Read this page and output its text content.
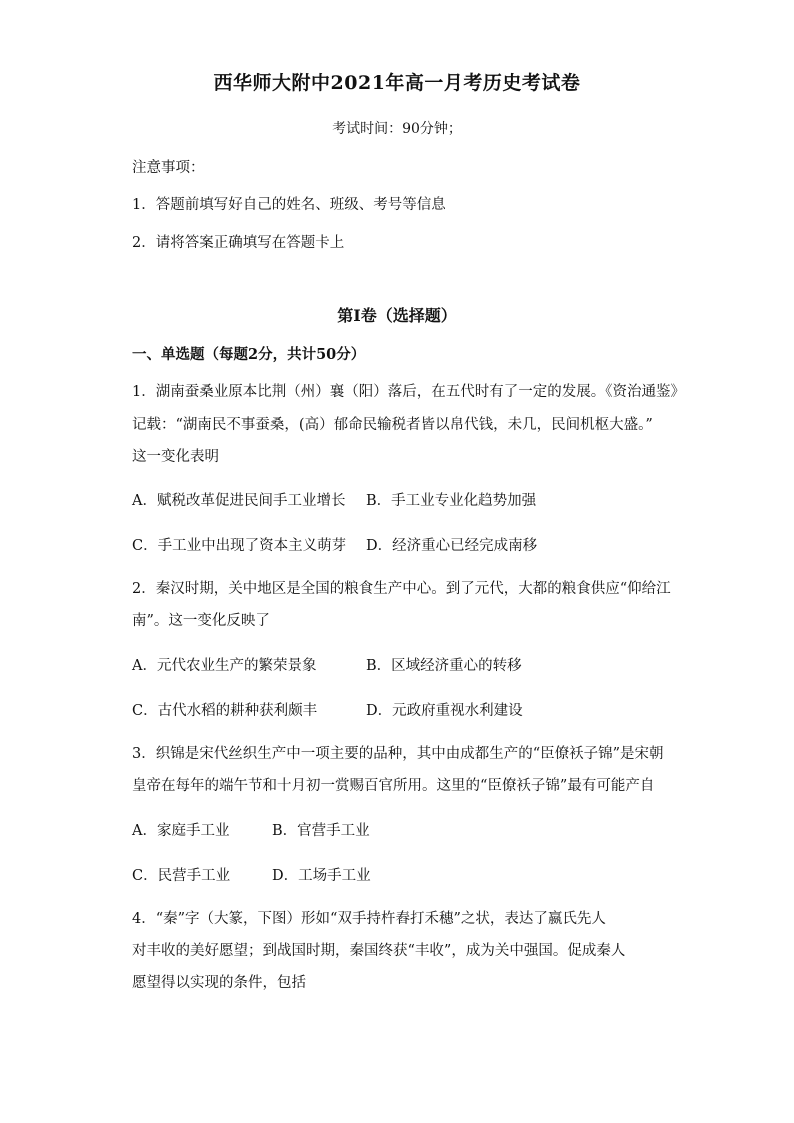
西华师大附中2021年高一月考历史考试卷
考试时间：90分钟；
注意事项：
1．答题前填写好自己的姓名、班级、考号等信息
2．请将答案正确填写在答题卡上
第I卷（选择题）
一、单选题（每题2分，共计50分）
1．湖南蚕桑业原本比荆（州）襄（阳）落后，在五代时有了一定的发展。《资治通鉴》
记载：“湖南民不事蚕桑，(高）郁命民输税者皆以帛代钱，未几，民间机枢大盛。”
这一变化表明
A．赋税改革促进民间手工业增长 B．手工业专业化趋势加强
C．手工业中出现了资本主义萌芽 D．经济重心已经完成南移
2．秦汉时期，关中地区是全国的粮食生产中心。到了元代，大都的粮食供应“仰给江
南”。这一变化反映了
A．元代农业生产的繁荣景象	B．区域经济重心的转移
C．古代水稻的耕种获利颇丰	D．元政府重视水利建设
3．织锦是宋代丝织生产中一项主要的品种，其中由成都生产的“臣僚袄子锦”是宋朝
皇帝在每年的端午节和十月初一赏赐百官所用。这里的“臣僚袄子锦”最有可能产自
A．家庭手工业	B．官营手工业
C．民营手工业	D．工场手工业
4．“秦”字（大篆，下图）形如“双手持杵舂打禾穗”之状，表达了嬴氏先人
对丰收的美好愿望；到战国时期，秦国终获“丰收”，成为关中强国。促成秦人
愿望得以实现的条件，包括
